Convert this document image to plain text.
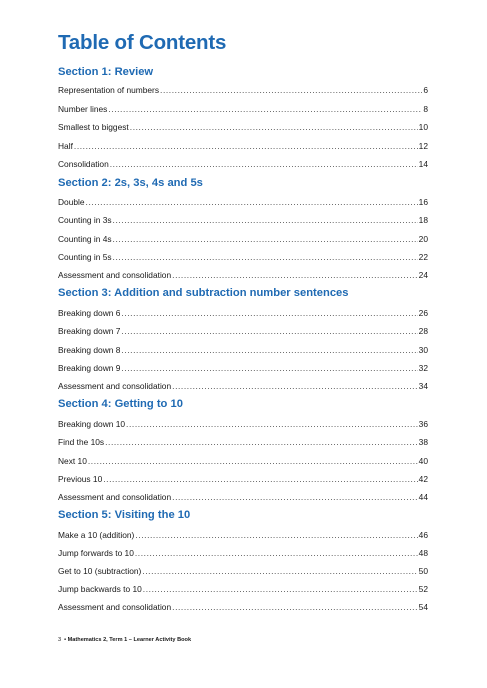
Table of Contents
Section 1: Review
Representation of numbers .....	6
Number lines .....	8
Smallest to biggest .....	10
Half .....	12
Consolidation .....	14
Section 2: 2s, 3s, 4s and 5s
Double .....	16
Counting in 3s .....	18
Counting in 4s .....	20
Counting in 5s .....	22
Assessment and consolidation .....	24
Section 3: Addition and subtraction number sentences
Breaking down 6 .....	26
Breaking down 7 .....	28
Breaking down 8 .....	30
Breaking down 9 .....	32
Assessment and consolidation .....	34
Section 4: Getting to 10
Breaking down 10 .....	36
Find the 10s .....	38
Next 10 .....	40
Previous 10 .....	42
Assessment and consolidation .....	44
Section 5: Visiting the 10
Make a 10 (addition) .....	46
Jump forwards to 10 .....	48
Get to 10 (subtraction) .....	50
Jump backwards to 10 .....	52
Assessment and consolidation .....	54
3 • Mathematics 2, Term 1 – Learner Activity Book
